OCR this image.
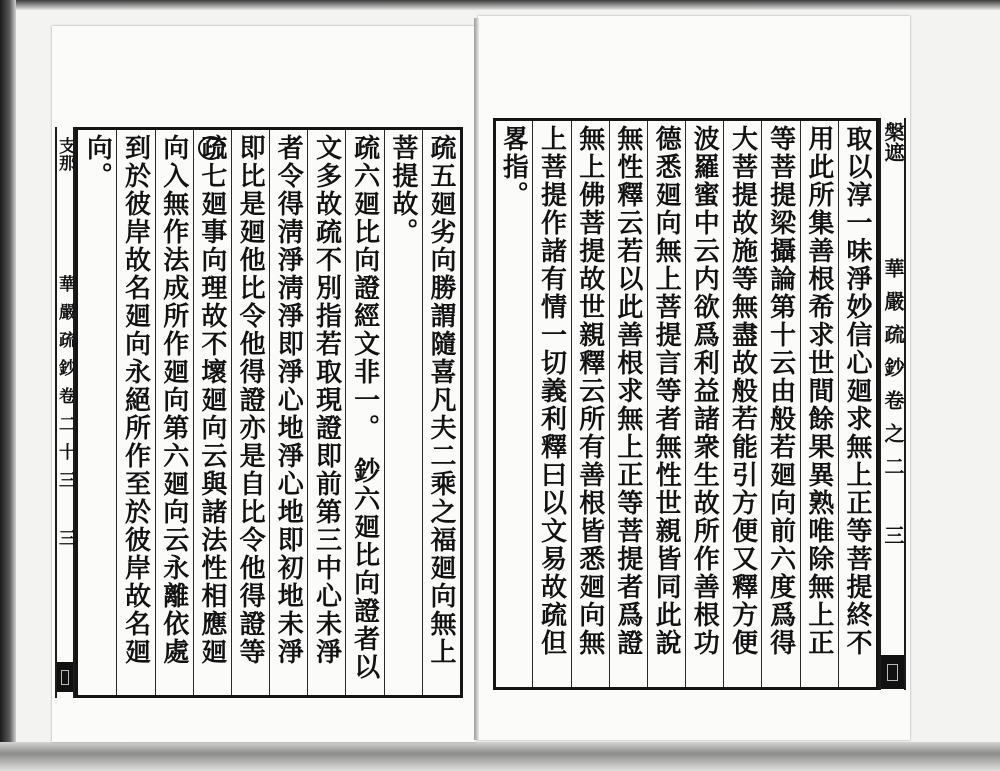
支那
華嚴疏鈔卷二十三
三	疏五廻劣向勝謂隨喜凡夫二乘之福廻向無上
菩提故。
疏六廻比向證經文非一。　鈔六廻比向證者以
文多故疏不別指若取現證即前第三中心未淨
者令得淸淨淸淨即淨心地淨心地即初地未淨
即比是廻他比令他得證亦是自比令他得證等
疏七廻事向理故不壞廻向云與諸法性相應廻
向入無作法成所作廻向第六廻向云永離依處
到於彼岸故名廻向永絕所作至於彼岸故名廻
向。	取以淳一味淨妙信心廻求無上正等菩提終不
用此所集善根希求世間餘果異熟唯除無上正
等菩提梁攝論第十云由般若廻向前六度爲得
大菩提故施等無盡故般若能引方便又釋方便
波羅蜜中云内欲爲利益諸衆生故所作善根功
德悉廻向無上菩提言等者無性世親皆同此說
無性釋云若以此善根求無上正等菩提者爲證
無上佛菩提故世親釋云所有善根皆悉廻向無
上菩提作諸有情一切義利釋曰以文易故疏但
畧指。	槃遮
華嚴疏鈔卷之二
三
